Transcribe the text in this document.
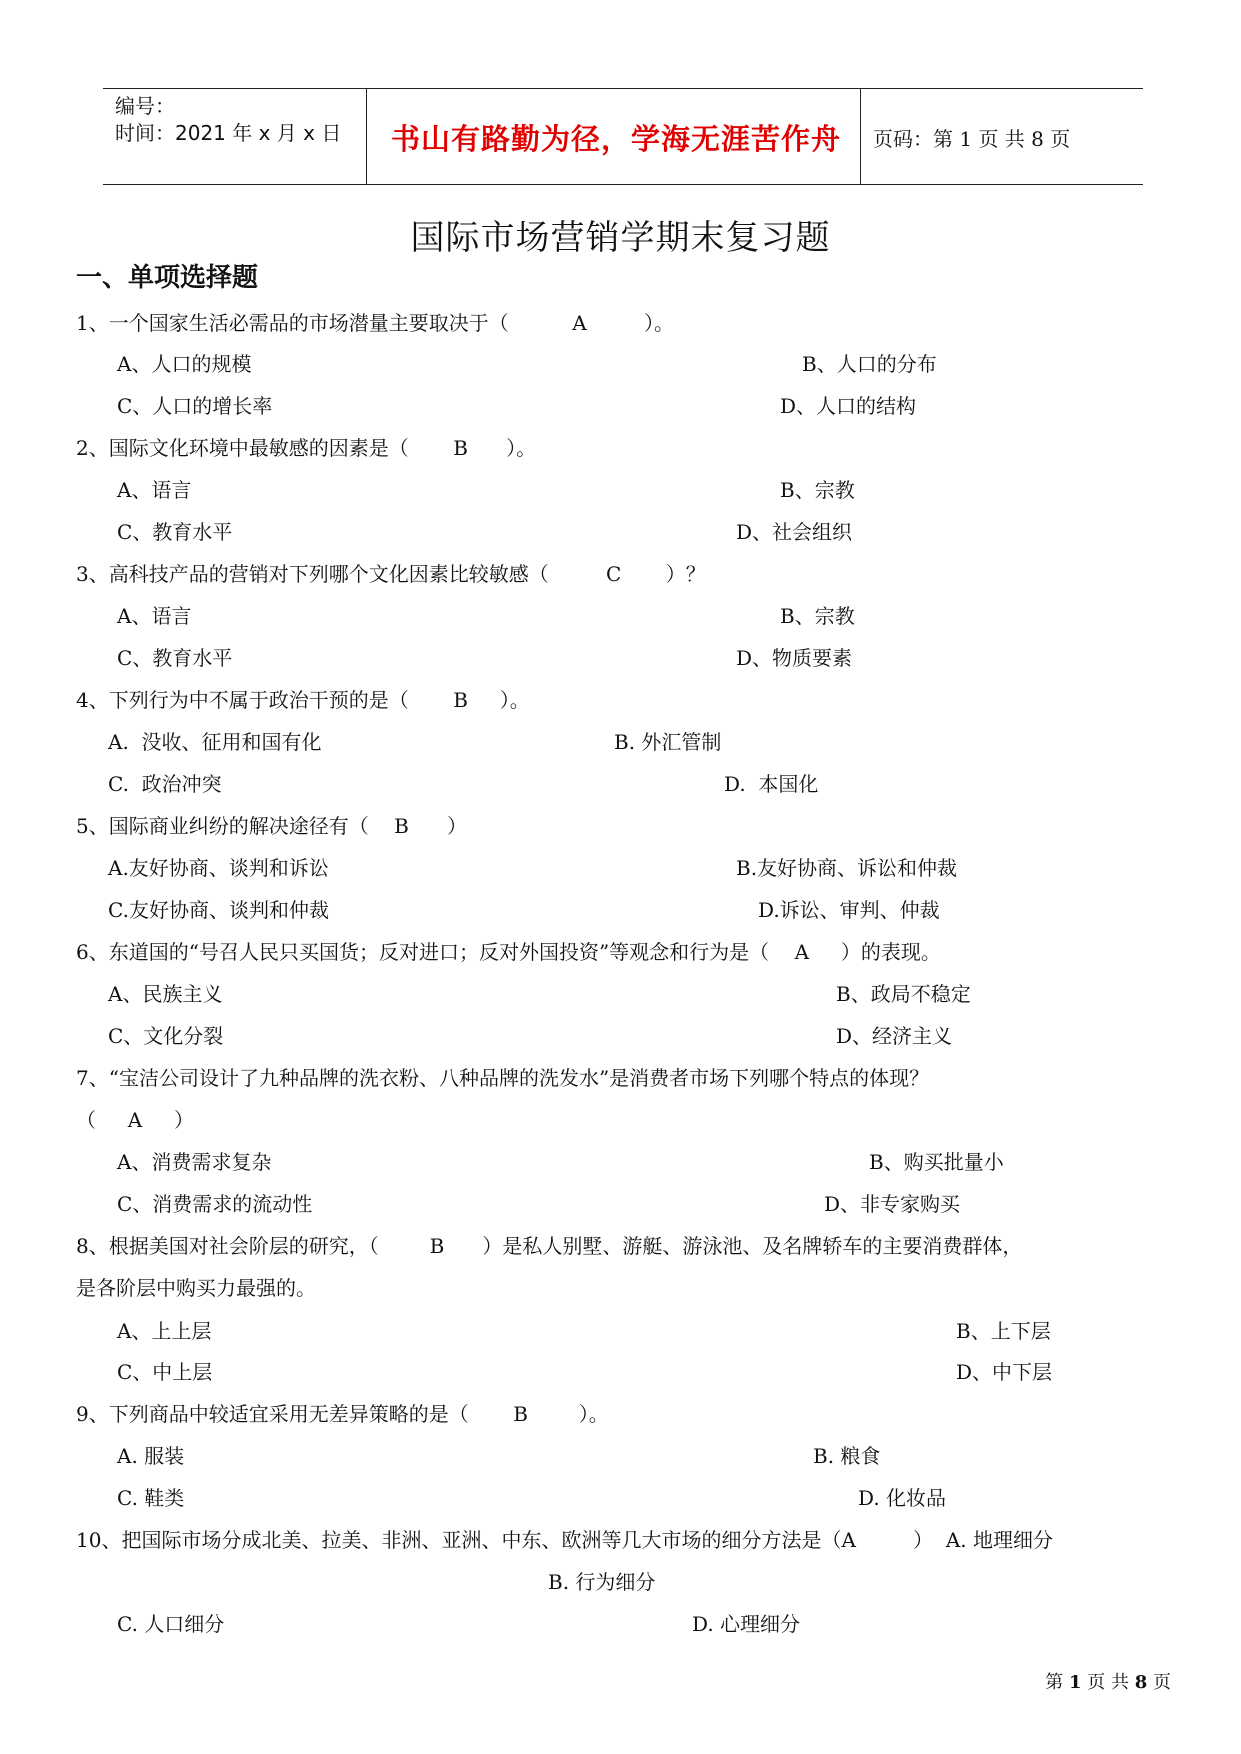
编号：
时间：2021 年 x 月 x 日	书山有路勤为径，学海无涯苦作舟	页码：第 1 页 共 8 页
国际市场营销学期末复习题
一、单项选择题
1、一个国家生活必需品的市场潜量主要取决于（          A         ）。
A、人口的规模	B、人口的分布
C、人口的增长率	D、人口的结构
2、国际文化环境中最敏感的因素是（       B      ）。
A、语言	B、宗教
C、教育水平	D、社会组织
3、高科技产品的营销对下列哪个文化因素比较敏感（         C       ）？
A、语言	B、宗教
C、教育水平	D、物质要素
4、下列行为中不属于政治干预的是（       B     ）。
A.  没收、征用和国有化	B. 外汇管制
C.  政治冲突	D.  本国化
5、国际商业纠纷的解决途径有（    B      ）
A.友好协商、谈判和诉讼	B.友好协商、诉讼和仲裁
C.友好协商、谈判和仲裁	D.诉讼、审判、仲裁
6、东道国的“号召人民只买国货；反对进口；反对外国投资”等观念和行为是（    A     ）的表现。
A、民族主义	B、政局不稳定
C、文化分裂	D、经济主义
7、“宝洁公司设计了九种品牌的洗衣粉、八种品牌的洗发水”是消费者市场下列哪个特点的体现？
（     A     ）
A、消费需求复杂	B、购买批量小
C、消费需求的流动性	D、非专家购买
8、根据美国对社会阶层的研究，（        B      ）是私人别墅、游艇、游泳池、及名牌轿车的主要消费群体，
是各阶层中购买力最强的。
A、上上层	B、上下层
C、中上层	D、中下层
9、下列商品中较适宜采用无差异策略的是（       B        ）。
A. 服装	B. 粮食
C. 鞋类	D. 化妆品
10、把国际市场分成北美、拉美、非洲、亚洲、中东、欧洲等几大市场的细分方法是（A         ）  A. 地理细分
B. 行为细分
C. 人口细分	D. 心理细分
第 1 页 共 8 页
